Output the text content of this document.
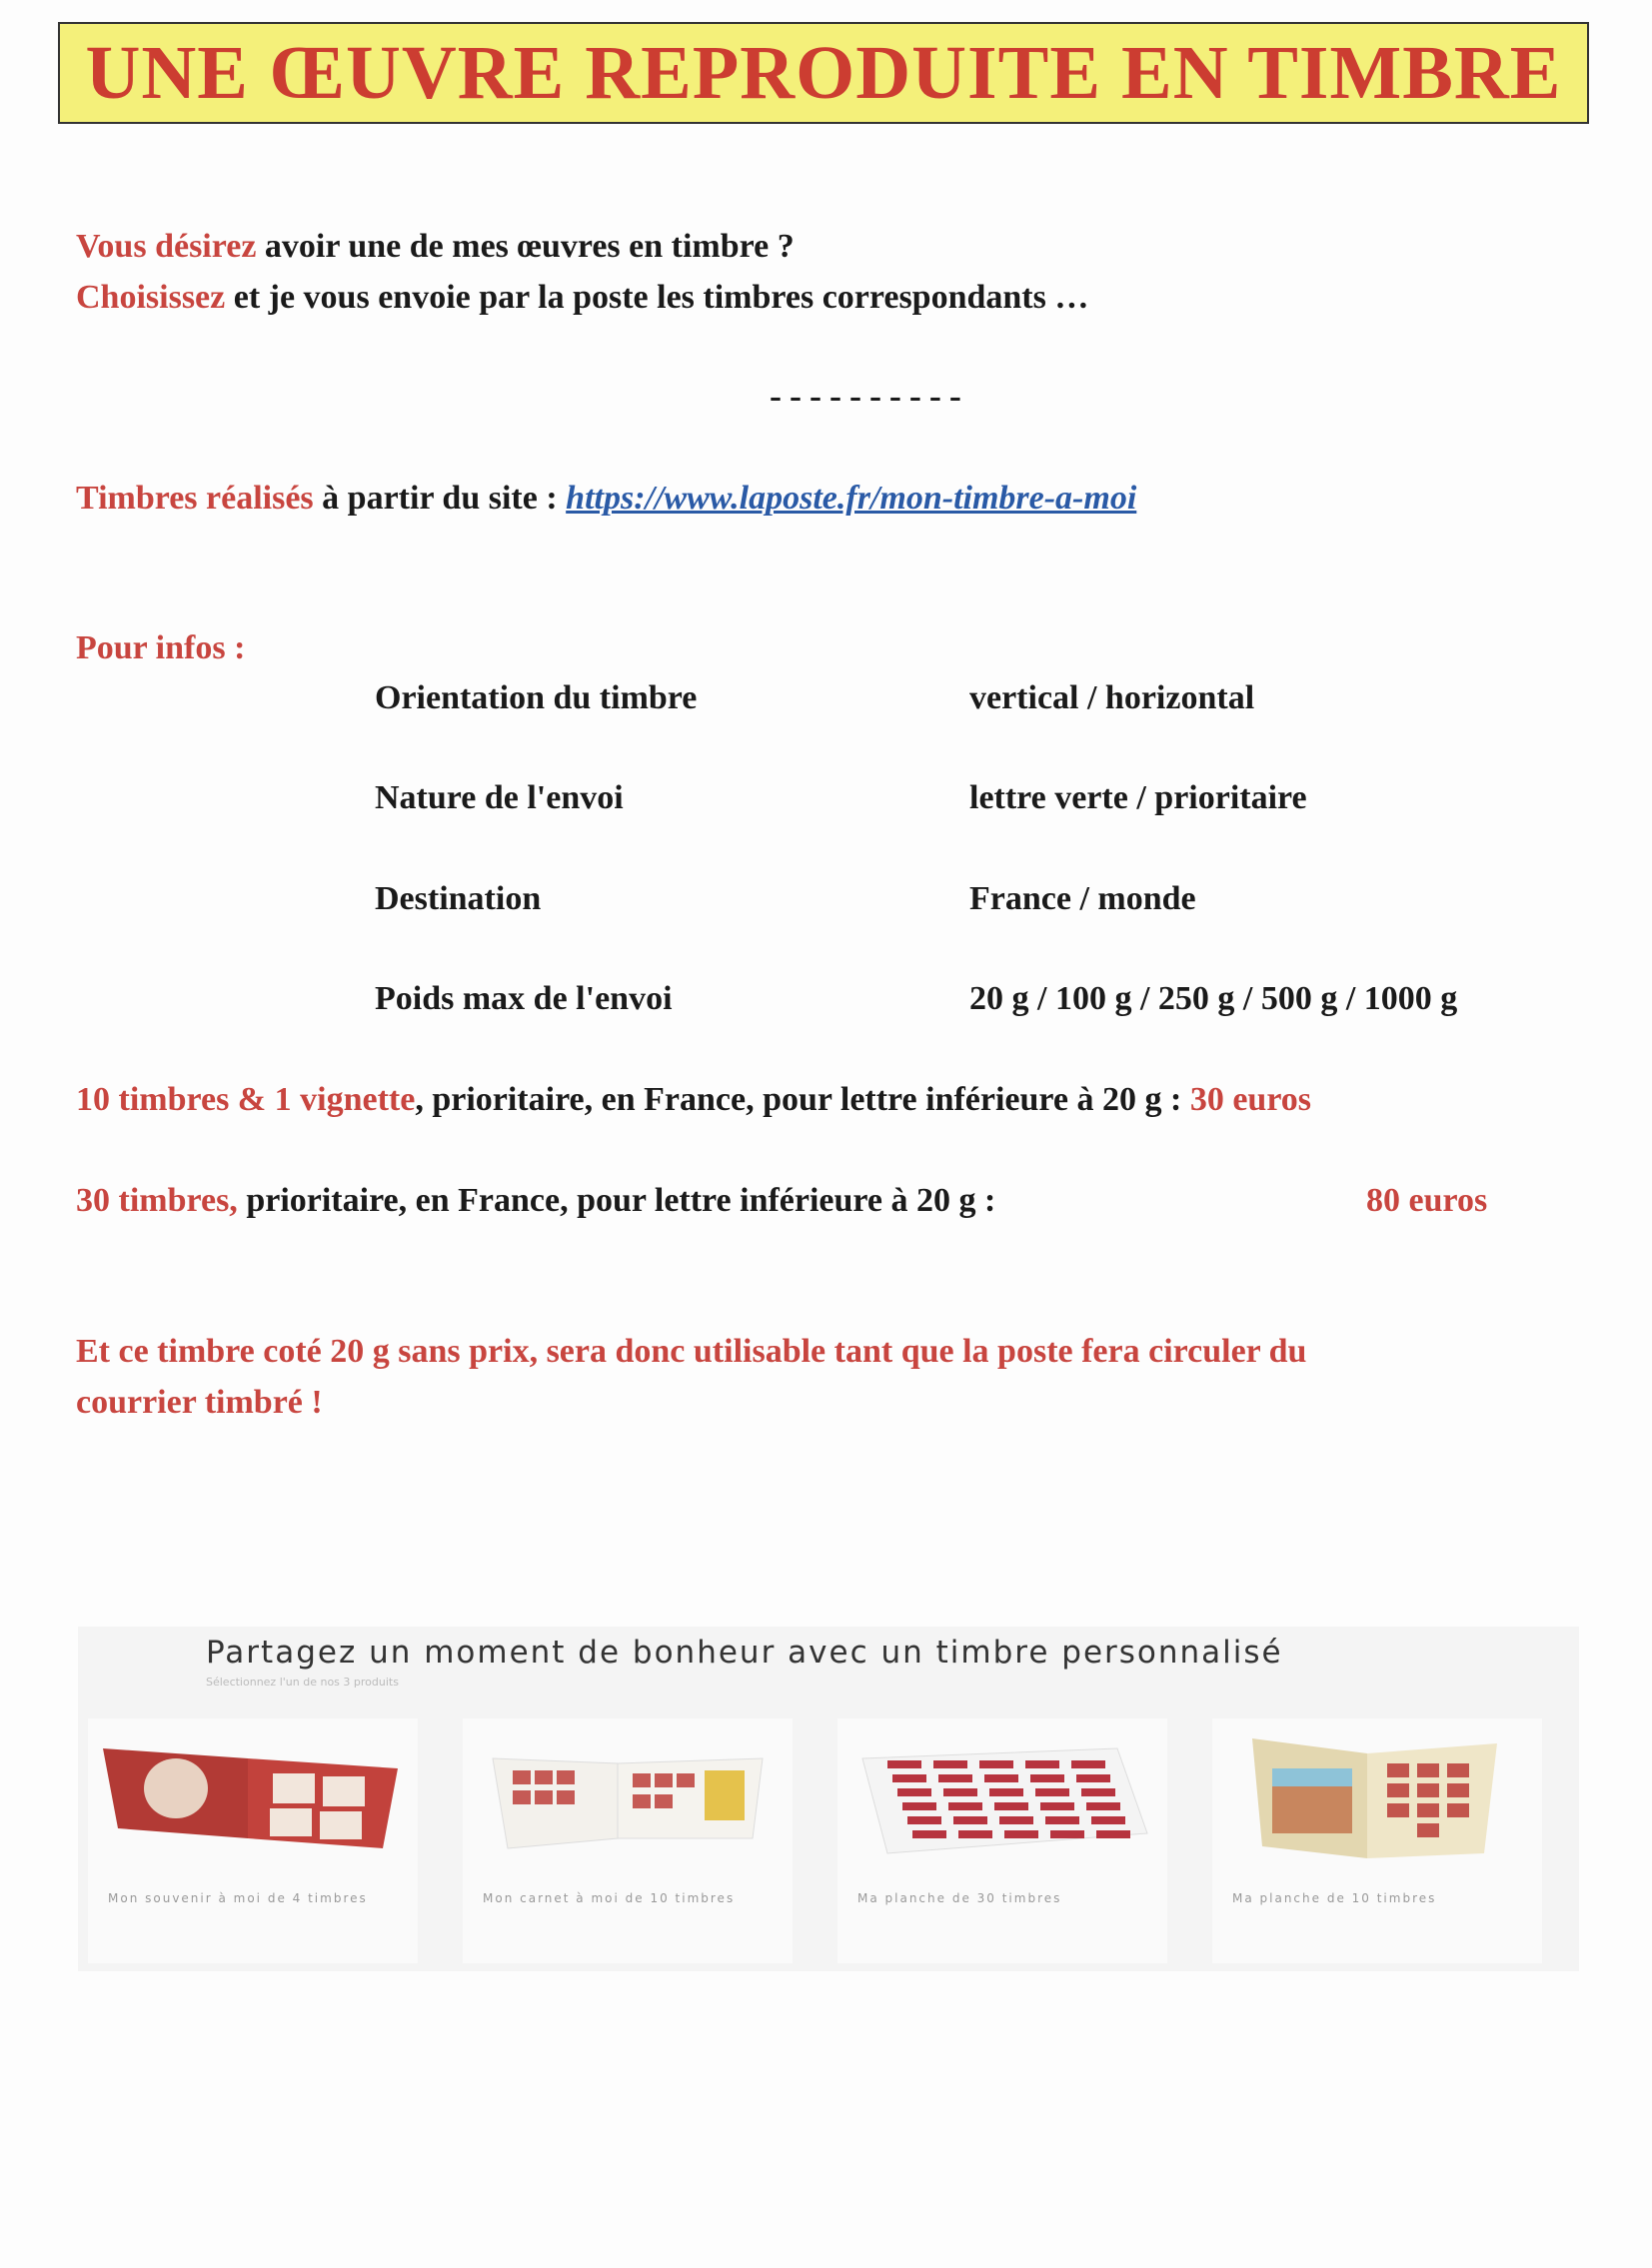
UNE ŒUVRE REPRODUITE EN TIMBRE
Vous désirez avoir une de mes œuvres en timbre ?
Choisissez et je vous envoie par la poste les timbres correspondants …
----------
Timbres réalisés à partir du site : https://www.laposte.fr/mon-timbre-a-moi
Pour infos :
Orientation du timbre	vertical / horizontal
Nature de l'envoi	lettre verte / prioritaire
Destination	France / monde
Poids max de l'envoi	20 g / 100 g / 250 g / 500 g / 1000 g
10 timbres & 1 vignette, prioritaire, en France, pour lettre inférieure à 20 g : 30 euros
30 timbres, prioritaire, en France, pour lettre inférieure à 20 g :	80 euros
Et ce timbre coté 20 g sans prix, sera donc utilisable tant que la poste fera circuler du
courrier timbré !
Partagez un moment de bonheur avec un timbre personnalisé
Sélectionnez l'un de nos 3 produits
Mon souvenir à moi de 4 timbres	Mon carnet à moi de 10 timbres	Ma planche de 30 timbres	Ma planche de 10 timbres
